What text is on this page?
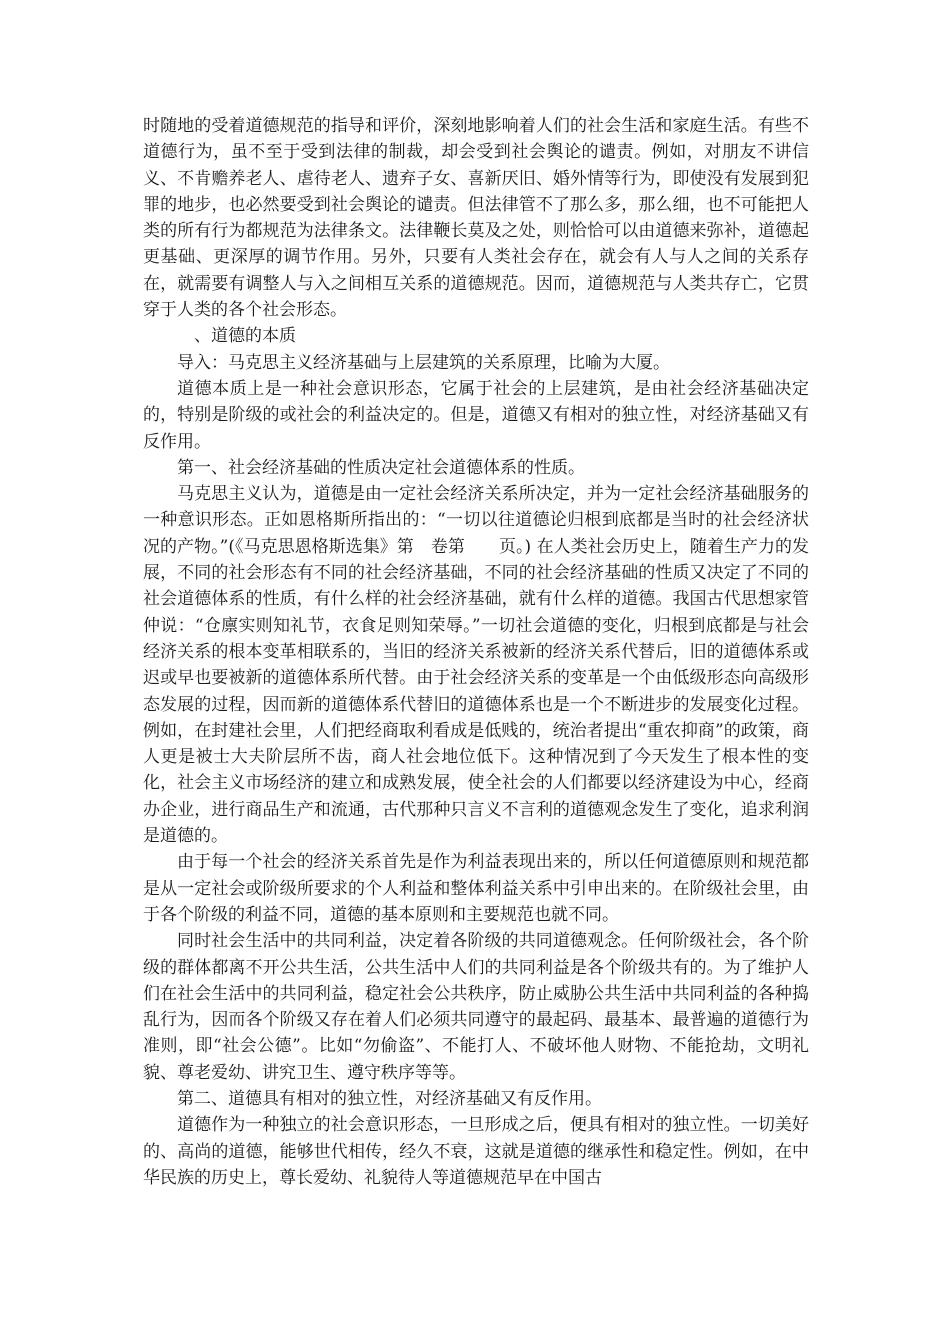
时随地的受着道德规范的指导和评价，深刻地影响着人们的社会生活和家庭生活。有些不道德行为，虽不至于受到法律的制裁，却会受到社会舆论的谴责。例如，对朋友不讲信义、不肯赡养老人、虐待老人、遗弃子女、喜新厌旧、婚外情等行为，即使没有发展到犯罪的地步，也必然要受到社会舆论的谴责。但法律管不了那么多，那么细，也不可能把人类的所有行为都规范为法律条文。法律鞭长莫及之处，则恰恰可以由道德来弥补，道德起更基础、更深厚的调节作用。另外，只要有人类社会存在，就会有人与人之间的关系存在，就需要有调整人与入之间相互关系的道德规范。因而，道德规范与人类共存亡，它贯穿于人类的各个社会形态。

、道德的本质

导入：马克思主义经济基础与上层建筑的关系原理，比喻为大厦。

道德本质上是一种社会意识形态，它属于社会的上层建筑，是由社会经济基础决定的，特别是阶级的或社会的利益决定的。但是，道德又有相对的独立性，对经济基础又有反作用。

第一、社会经济基础的性质决定社会道德体系的性质。

马克思主义认为，道德是由一定社会经济关系所决定，并为一定社会经济基础服务的一种意识形态。正如恩格斯所指出的：“一切以往道德论归根到底都是当时的社会经济状况的产物。”(《马克思恩格斯选集》第　卷第　　页。) 在人类社会历史上，随着生产力的发展，不同的社会形态有不同的社会经济基础，不同的社会经济基础的性质又决定了不同的社会道德体系的性质，有什么样的社会经济基础，就有什么样的道德。我国古代思想家管仲说：“仓廪实则知礼节，衣食足则知荣辱。”一切社会道德的变化，归根到底都是与社会经济关系的根本变革相联系的，当旧的经济关系被新的经济关系代替后，旧的道德体系或迟或早也要被新的道德体系所代替。由于社会经济关系的变革是一个由低级形态向高级形态发展的过程，因而新的道德体系代替旧的道德体系也是一个不断进步的发展变化过程。例如，在封建社会里，人们把经商取利看成是低贱的，统治者提出“重农抑商”的政策，商人更是被士大夫阶层所不齿，商人社会地位低下。这种情况到了今天发生了根本性的变化，社会主义市场经济的建立和成熟发展，使全社会的人们都要以经济建设为中心，经商办企业，进行商品生产和流通，古代那种只言义不言利的道德观念发生了变化，追求利润是道德的。

由于每一个社会的经济关系首先是作为利益表现出来的，所以任何道德原则和规范都是从一定社会或阶级所要求的个人利益和整体利益关系中引申出来的。在阶级社会里，由于各个阶级的利益不同，道德的基本原则和主要规范也就不同。

同时社会生活中的共同利益，决定着各阶级的共同道德观念。任何阶级社会，各个阶级的群体都离不开公共生活，公共生活中人们的共同利益是各个阶级共有的。为了维护人们在社会生活中的共同利益，稳定社会公共秩序，防止威胁公共生活中共同利益的各种捣乱行为，因而各个阶级又存在着人们必须共同遵守的最起码、最基本、最普遍的道德行为准则，即“社会公德”。比如“勿偷盗”、不能打人、不破坏他人财物、不能抢劫，文明礼貌、尊老爱幼、讲究卫生、遵守秩序等等。

第二、道德具有相对的独立性，对经济基础又有反作用。

道德作为一种独立的社会意识形态，一旦形成之后，便具有相对的独立性。一切美好的、高尚的道德，能够世代相传，经久不衰，这就是道德的继承性和稳定性。例如，在中华民族的历史上，尊长爱幼、礼貌待人等道德规范早在中国古
